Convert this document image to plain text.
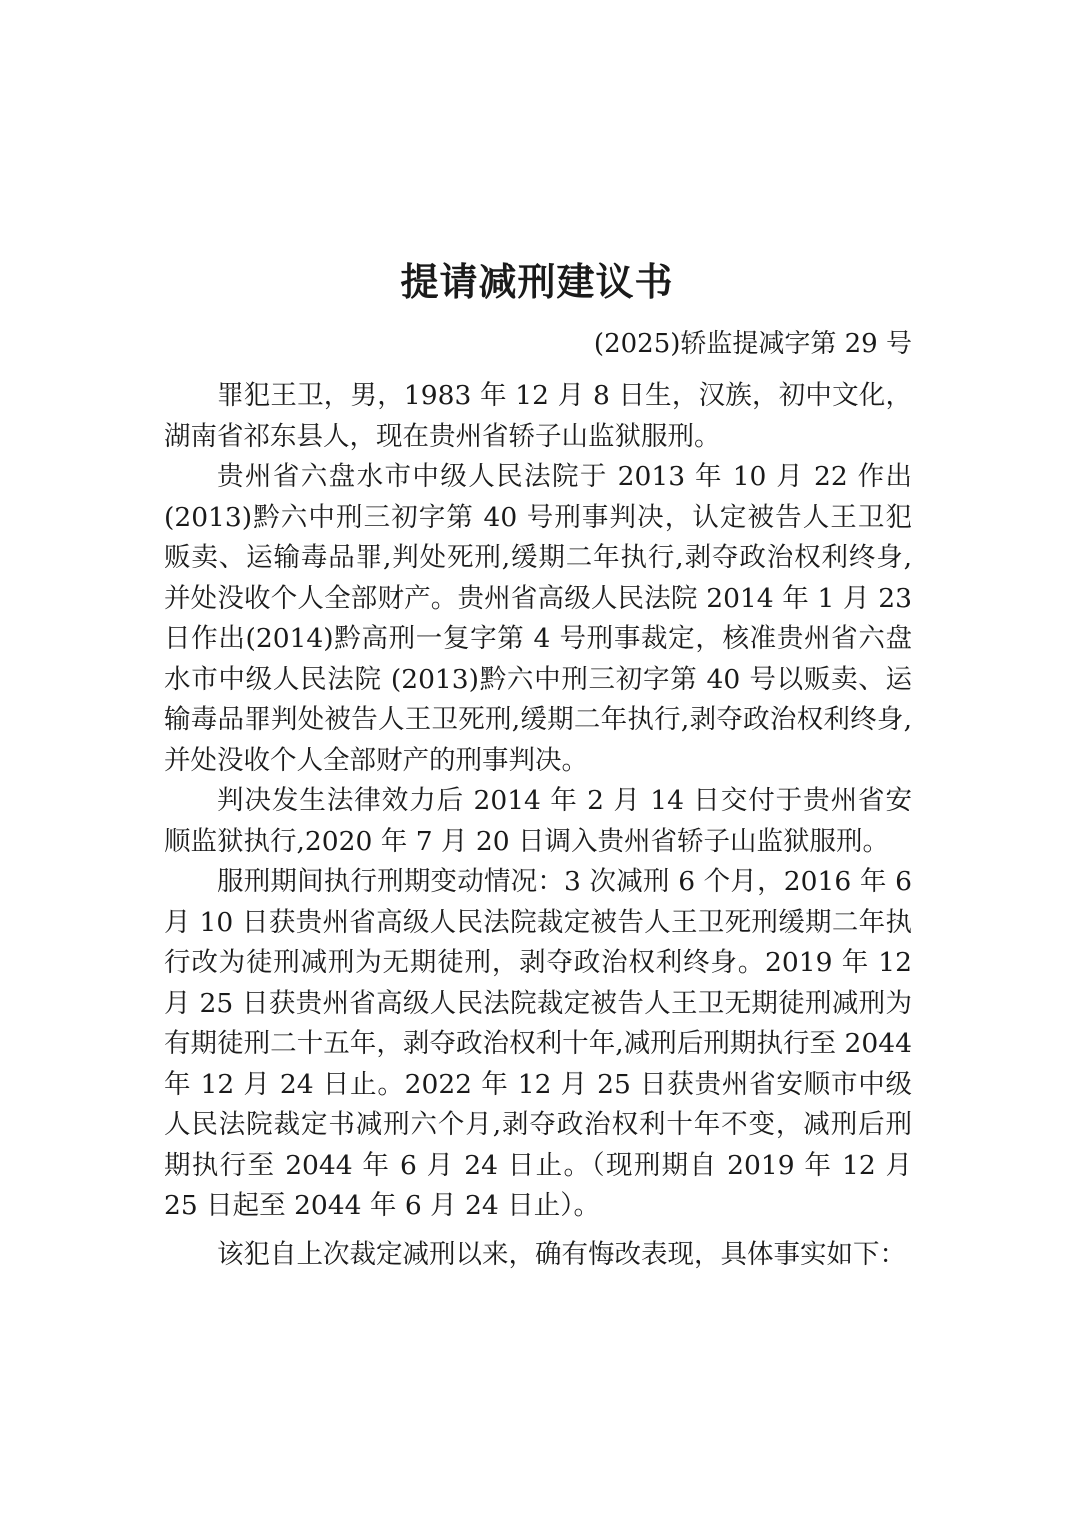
提请减刑建议书
(2025)轿监提减字第 29 号

罪犯王卫，男，1983 年 12 月 8 日生，汉族，初中文化，湖南省祁东县人，现在贵州省轿子山监狱服刑。

贵州省六盘水市中级人民法院于 2013 年 10 月 22 作出(2013)黔六中刑三初字第 40 号刑事判决，认定被告人王卫犯贩卖、运输毒品罪,判处死刑,缓期二年执行,剥夺政治权利终身,并处没收个人全部财产。贵州省高级人民法院 2014 年 1 月 23 日作出(2014)黔高刑一复字第 4 号刑事裁定，核准贵州省六盘水市中级人民法院 (2013)黔六中刑三初字第 40 号以贩卖、运输毒品罪判处被告人王卫死刑,缓期二年执行,剥夺政治权利终身,并处没收个人全部财产的刑事判决。

判决发生法律效力后 2014 年 2 月 14 日交付于贵州省安顺监狱执行,2020 年 7 月 20 日调入贵州省轿子山监狱服刑。

服刑期间执行刑期变动情况：3 次减刑 6 个月，2016 年 6 月 10 日获贵州省高级人民法院裁定被告人王卫死刑缓期二年执行改为徒刑减刑为无期徒刑，剥夺政治权利终身。2019 年 12 月 25 日获贵州省高级人民法院裁定被告人王卫无期徒刑减刑为有期徒刑二十五年，剥夺政治权利十年,减刑后刑期执行至 2044 年 12 月 24 日止。2022 年 12 月 25 日获贵州省安顺市中级人民法院裁定书减刑六个月,剥夺政治权利十年不变，减刑后刑期执行至 2044 年 6 月 24 日止。（现刑期自 2019 年 12 月 25 日起至 2044 年 6 月 24 日止）。

该犯自上次裁定减刑以来，确有悔改表现，具体事实如下：
